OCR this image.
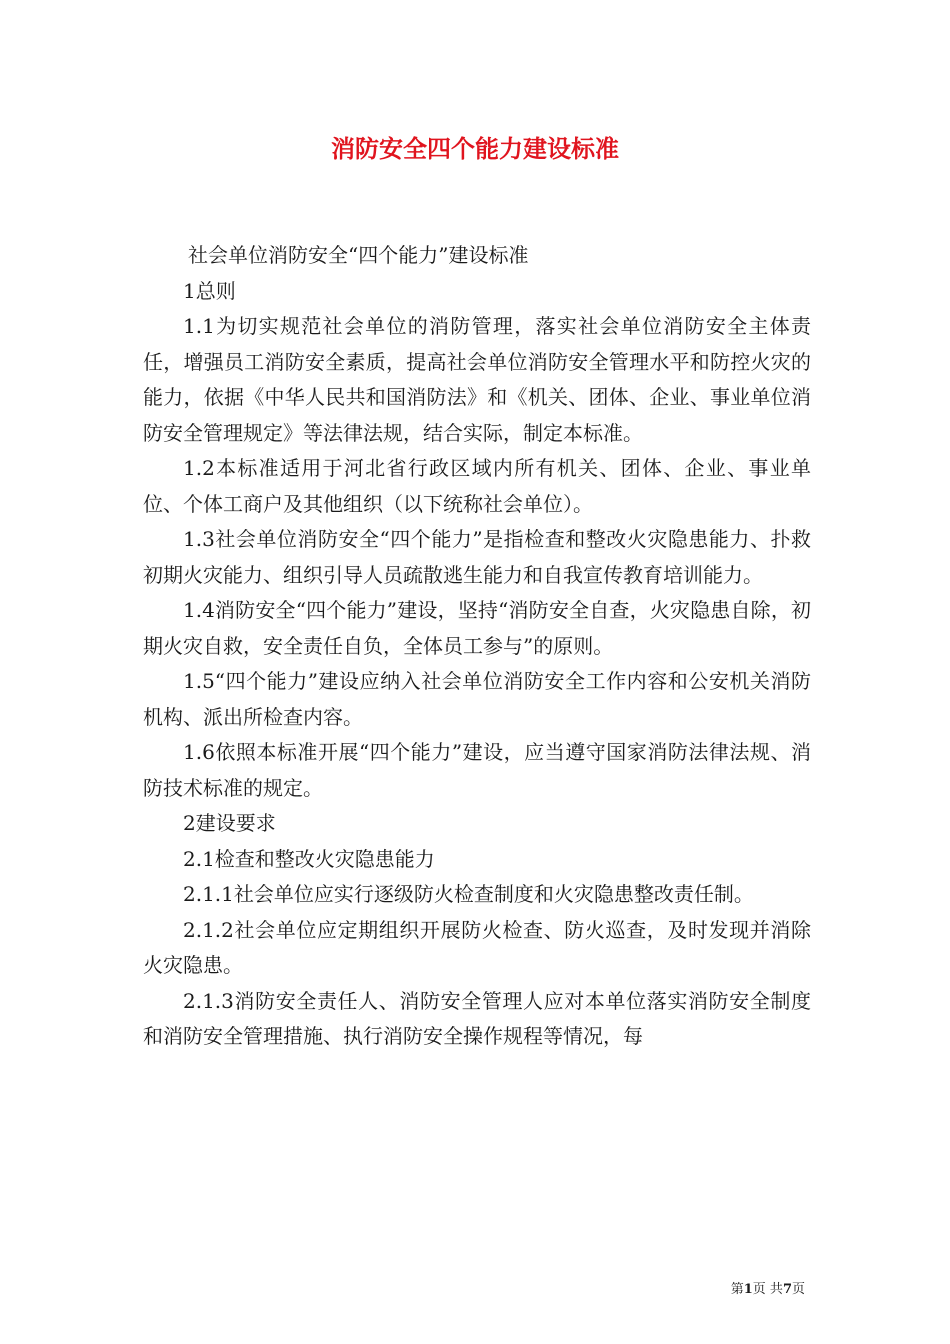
消防安全四个能力建设标准

社会单位消防安全“四个能力”建设标准

1总则

1.1为切实规范社会单位的消防管理，落实社会单位消防安全主体责任，增强员工消防安全素质，提高社会单位消防安全管理水平和防控火灾的能力，依据《中华人民共和国消防法》和《机关、团体、企业、事业单位消防安全管理规定》等法律法规，结合实际，制定本标准。

1.2本标准适用于河北省行政区域内所有机关、团体、企业、事业单位、个体工商户及其他组织（以下统称社会单位）。

1.3社会单位消防安全“四个能力”是指检查和整改火灾隐患能力、扑救初期火灾能力、组织引导人员疏散逃生能力和自我宣传教育培训能力。

1.4消防安全“四个能力”建设，坚持“消防安全自查，火灾隐患自除，初期火灾自救，安全责任自负，全体员工参与”的原则。

1.5“四个能力”建设应纳入社会单位消防安全工作内容和公安机关消防机构、派出所检查内容。

1.6依照本标准开展“四个能力”建设，应当遵守国家消防法律法规、消防技术标准的规定。

2建设要求

2.1检查和整改火灾隐患能力

2.1.1社会单位应实行逐级防火检查制度和火灾隐患整改责任制。

2.1.2社会单位应定期组织开展防火检查、防火巡查，及时发现并消除火灾隐患。

2.1.3消防安全责任人、消防安全管理人应对本单位落实消防安全制度和消防安全管理措施、执行消防安全操作规程等情况，每

第1页 共7页
